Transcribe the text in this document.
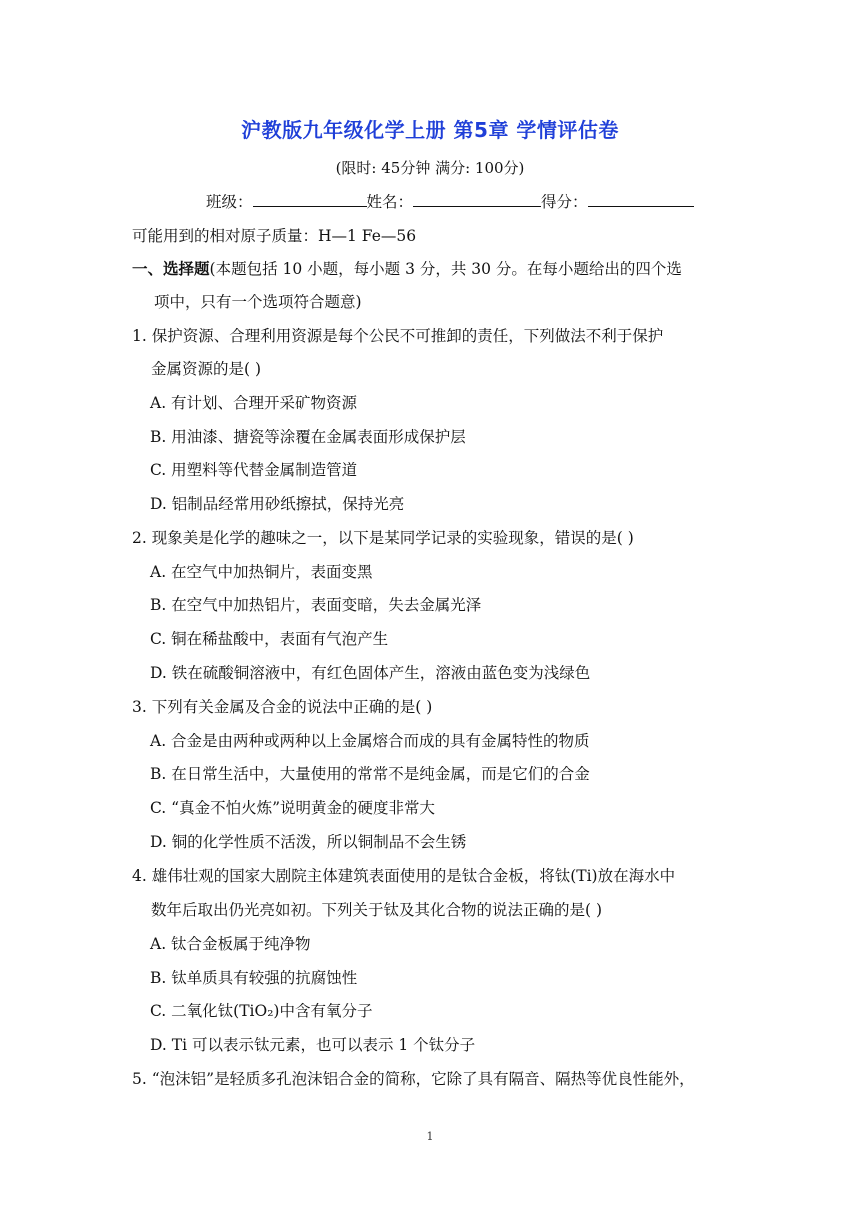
沪教版九年级化学上册 第5章 学情评估卷
(限时: 45分钟 满分: 100分)
班级：	姓名：	得分：
可能用到的相对原子质量：H—1 Fe—56
一、选择题(本题包括 10 小题，每小题 3 分，共 30 分。在每小题给出的四个选
项中，只有一个选项符合题意)
1. 保护资源、合理利用资源是每个公民不可推卸的责任，下列做法不利于保护
金属资源的是( )
A. 有计划、合理开采矿物资源
B. 用油漆、搪瓷等涂覆在金属表面形成保护层
C. 用塑料等代替金属制造管道
D. 铝制品经常用砂纸擦拭，保持光亮
2. 现象美是化学的趣味之一，以下是某同学记录的实验现象，错误的是( )
A. 在空气中加热铜片，表面变黑
B. 在空气中加热铝片，表面变暗，失去金属光泽
C. 铜在稀盐酸中，表面有气泡产生
D. 铁在硫酸铜溶液中，有红色固体产生，溶液由蓝色变为浅绿色
3. 下列有关金属及合金的说法中正确的是( )
A. 合金是由两种或两种以上金属熔合而成的具有金属特性的物质
B. 在日常生活中，大量使用的常常不是纯金属，而是它们的合金
C. “真金不怕火炼”说明黄金的硬度非常大
D. 铜的化学性质不活泼，所以铜制品不会生锈
4. 雄伟壮观的国家大剧院主体建筑表面使用的是钛合金板，将钛(Ti)放在海水中
数年后取出仍光亮如初。下列关于钛及其化合物的说法正确的是( )
A. 钛合金板属于纯净物
B. 钛单质具有较强的抗腐蚀性
C. 二氧化钛(TiO₂)中含有氧分子
D. Ti 可以表示钛元素，也可以表示 1 个钛分子
5. “泡沫铝”是轻质多孔泡沫铝合金的简称，它除了具有隔音、隔热等优良性能外，
1
